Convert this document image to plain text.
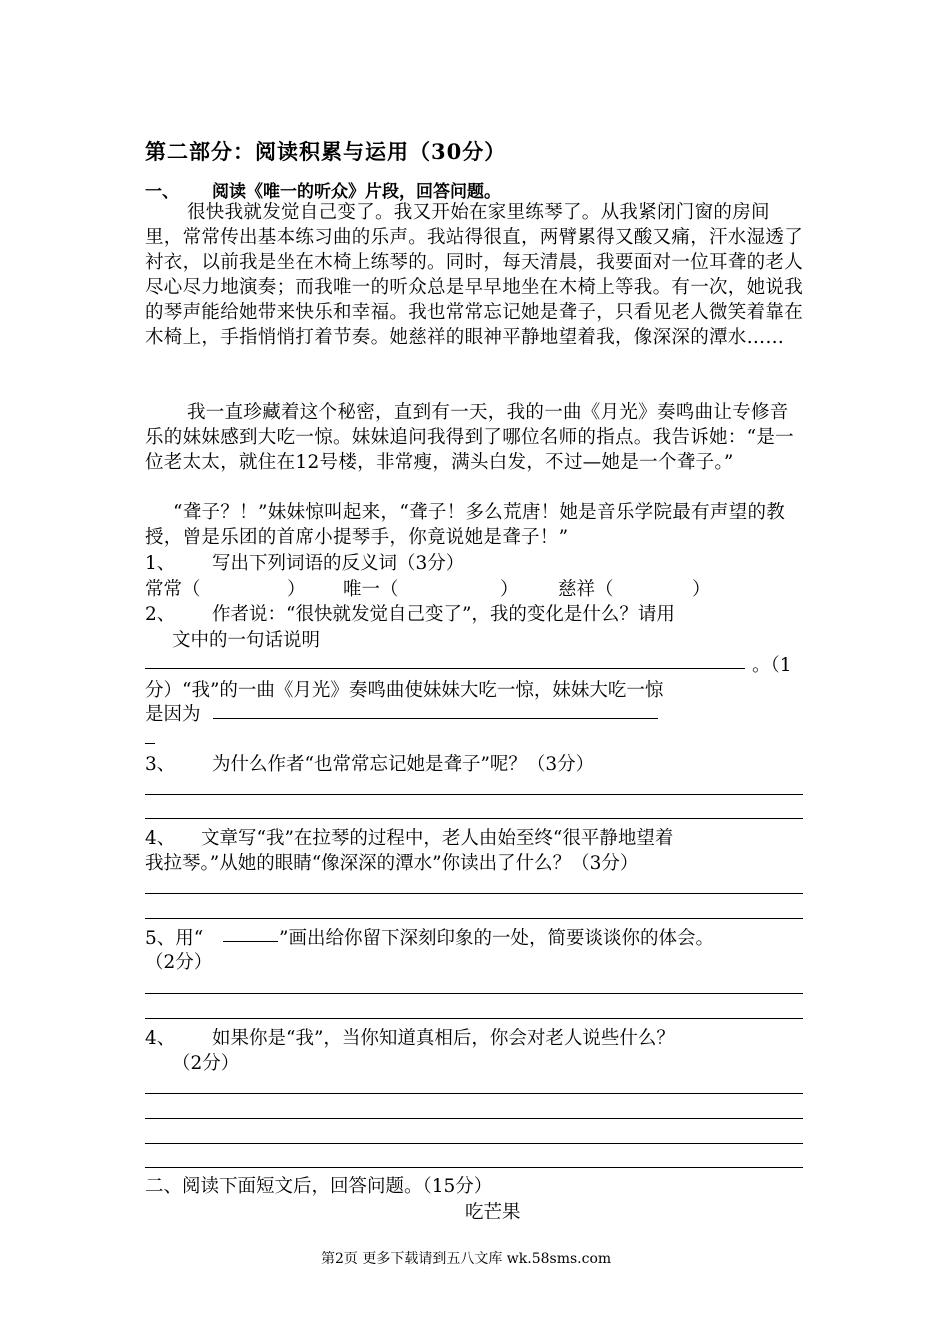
第二部分：阅读积累与运用（30分）
一、 阅读《唯一的听众》片段，回答问题。
很快我就发觉自己变了。我又开始在家里练琴了。从我紧闭门窗的房间里，常常传出基本练习曲的乐声。我站得很直，两臂累得又酸又痛，汗水湿透了衬衣，以前我是坐在木椅上练琴的。同时，每天清晨，我要面对一位耳聋的老人尽心尽力地演奏；而我唯一的听众总是早早地坐在木椅上等我。有一次，她说我的琴声能给她带来快乐和幸福。我也常常忘记她是聋子，只看见老人微笑着靠在木椅上，手指悄悄打着节奏。她慈祥的眼神平静地望着我，像深深的潭水……
我一直珍藏着这个秘密，直到有一天，我的一曲《月光》奏鸣曲让专修音乐的妹妹感到大吃一惊。妹妹追问我得到了哪位名师的指点。我告诉她：“是一位老太太，就住在12号楼，非常瘦，满头白发，不过—她是一个聋子。”
“聋子？！”妹妹惊叫起来，“聋子！多么荒唐！她是音乐学院最有声望的教授，曾是乐团的首席小提琴手，你竟说她是聋子！”
1、 写出下列词语的反义词（3分）
常常（	） 唯一（	） 慈祥（	）
2、 作者说：“很快就发觉自己变了”，我的变化是什么？请用
文中的一句话说明
。（1
分）“我”的一曲《月光》奏鸣曲使妹妹大吃一惊，妹妹大吃一惊
是因为
3、 为什么作者“也常常忘记她是聋子”呢？（3分）
4、 文章写“我”在拉琴的过程中，老人由始至终“很平静地望着
我拉琴。”从她的眼睛“像深深的潭水”你读出了什么？（3分）
5、用“	”画出给你留下深刻印象的一处，简要谈谈你的体会。
（2分）
4、 如果你是“我”，当你知道真相后，你会对老人说些什么？
（2分）
二、阅读下面短文后，回答问题。（15分）
吃芒果
第2页 更多下载请到五八文库 wk.58sms.com
